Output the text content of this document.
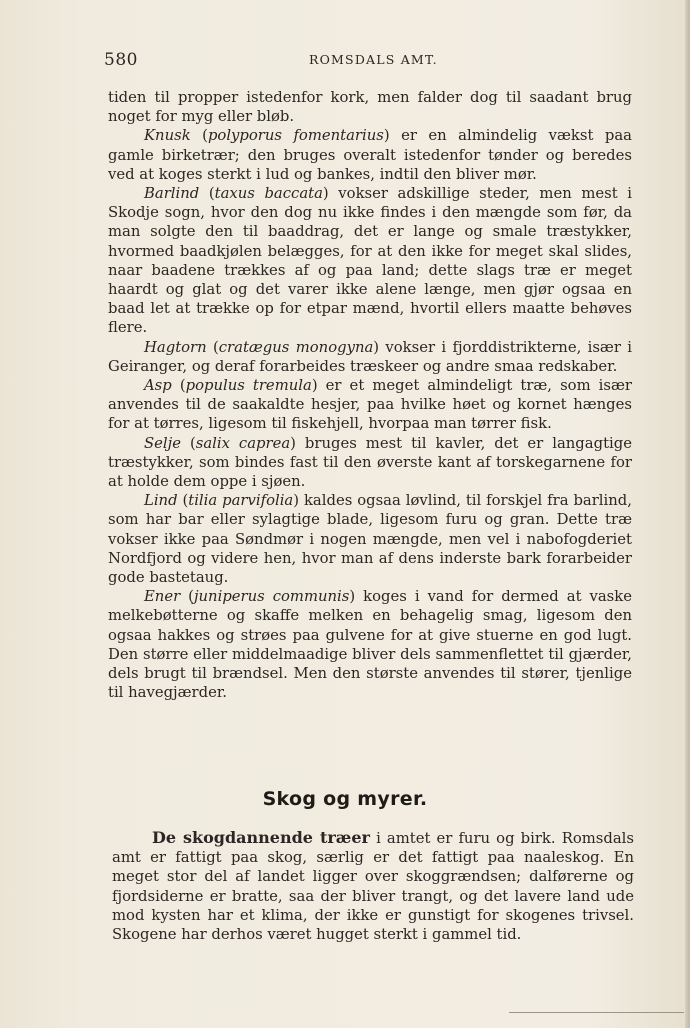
580	ROMSDALS AMT.

tiden til propper istedenfor kork, men falder dog til saadant brug noget for myg eller bløb.

Knusk (polyporus fomentarius) er en almindelig vækst paa gamle birketrær; den bruges overalt istedenfor tønder og beredes ved at koges sterkt i lud og bankes, indtil den bliver mør.

Barlind (taxus baccata) vokser adskillige steder, men mest i Skodje sogn, hvor den dog nu ikke findes i den mængde som før, da man solgte den til baaddrag, det er lange og smale træstykker, hvormed baadkjølen belægges, for at den ikke for meget skal slides, naar baadene trækkes af og paa land; dette slags træ er meget haardt og glat og det varer ikke alene længe, men gjør ogsaa en baad let at trække op for etpar mænd, hvortil ellers maatte behøves flere.

Hagtorn (cratægus monogyna) vokser i fjorddistrikterne, især i Geiranger, og deraf forarbeides træskeer og andre smaa redskaber.

Asp (populus tremula) er et meget almindeligt træ, som især anvendes til de saakaldte hesjer, paa hvilke høet og kornet hænges for at tørres, ligesom til fiskehjell, hvorpaa man tørrer fisk.

Selje (salix caprea) bruges mest til kavler, det er langagtige træstykker, som bindes fast til den øverste kant af torskegarnene for at holde dem oppe i sjøen.

Lind (tilia parvifolia) kaldes ogsaa løvlind, til forskjel fra barlind, som har bar eller sylagtige blade, ligesom furu og gran. Dette træ vokser ikke paa Søndmør i nogen mængde, men vel i nabofogderiet Nordfjord og videre hen, hvor man af dens inderste bark forarbeider gode bastetaug.

Ener (juniperus communis) koges i vand for dermed at vaske melkebøtterne og skaffe melken en behagelig smag, ligesom den ogsaa hakkes og strøes paa gulvene for at give stuerne en god lugt. Den større eller middelmaadige bliver dels sammenflettet til gjærder, dels brugt til brændsel. Men den største anvendes til stører, tjenlige til havegjærder.

Skog og myrer.

De skogdannende træer i amtet er furu og birk. Romsdals amt er fattigt paa skog, særlig er det fattigt paa naaleskog. En meget stor del af landet ligger over skoggrændsen; dalførerne og fjordsiderne er bratte, saa der bliver trangt, og det lavere land ude mod kysten har et klima, der ikke er gunstigt for skogenes trivsel. Skogene har derhos været hugget sterkt i gammel tid.
